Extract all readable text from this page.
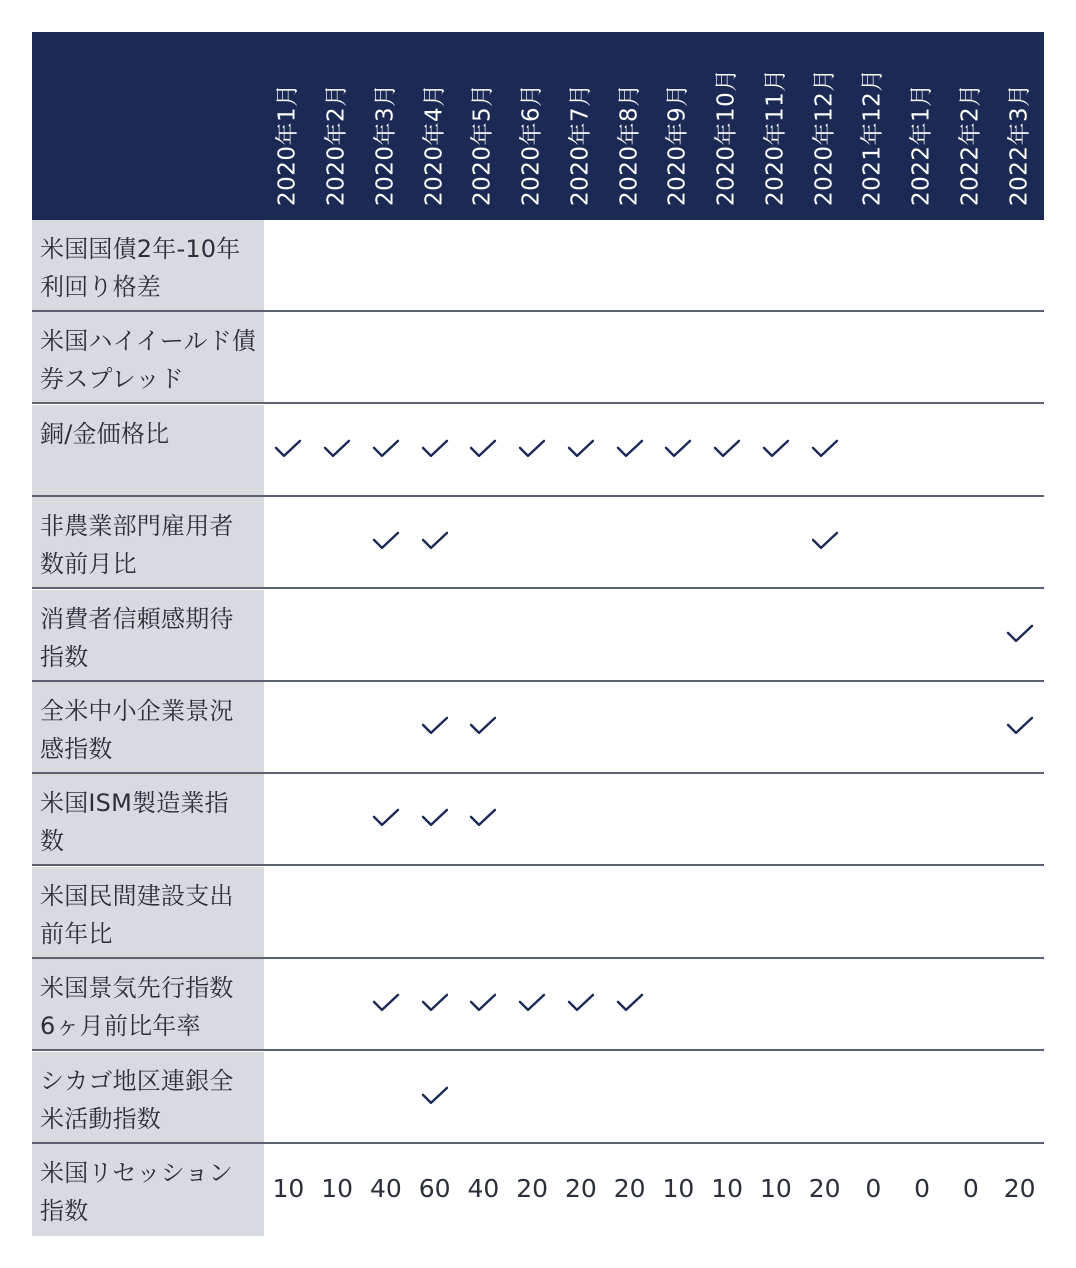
2020年1月 2020年2月 2020年3月 2020年4月 2020年5月 2020年6月 2020年7月 2020年8月 2020年9月 2020年10月 2020年11月 2020年12月 2021年12月 2022年1月 2022年2月 2022年3月
米国国債2年-10年
利回り格差
米国ハイイールド債
券スプレッド
銅/金価格比
非農業部門雇用者
数前月比
消費者信頼感期待
指数
全米中小企業景況
感指数
米国ISM製造業指
数
米国民間建設支出
前年比
米国景気先行指数
6ヶ月前比年率
シカゴ地区連銀全
米活動指数
米国リセッション
指数
10 10 40 60 40 20 20 20 10 10 10 20 0	0	0 20
